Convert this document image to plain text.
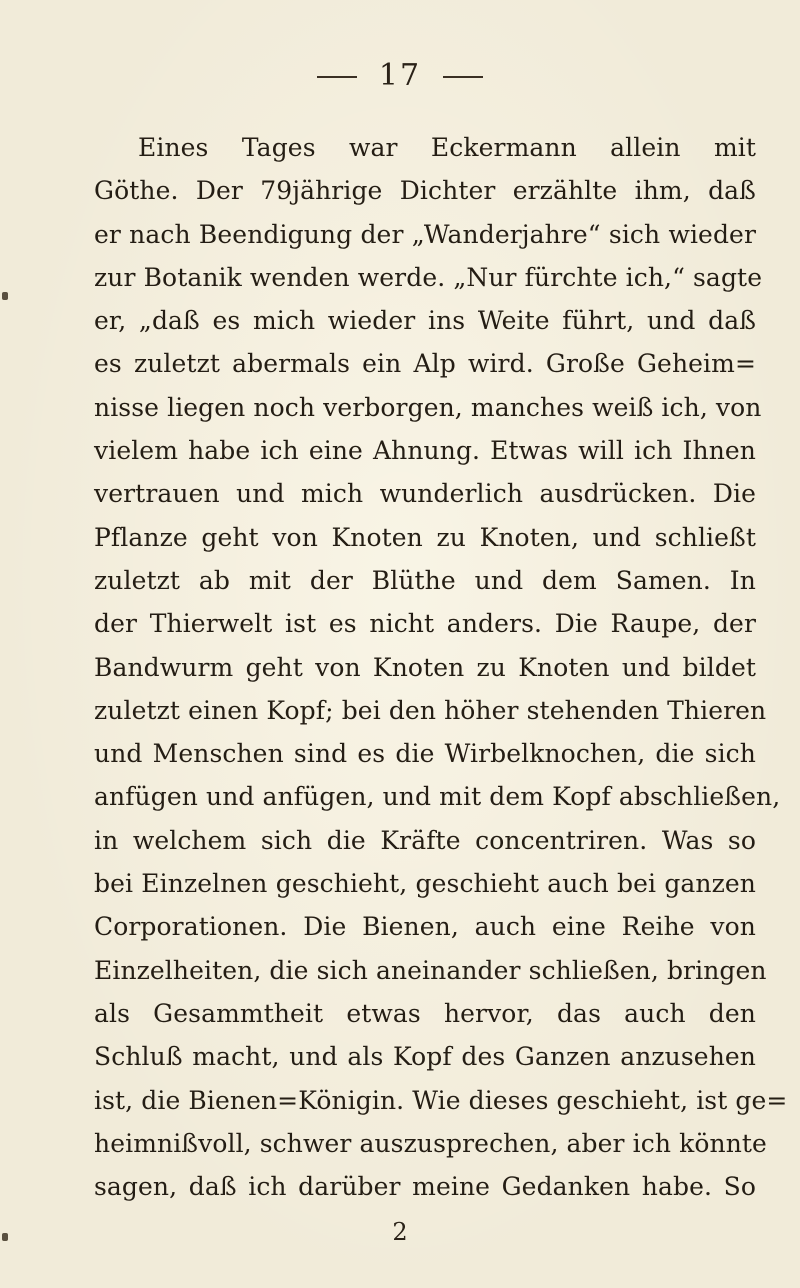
17
Eines Tages war Eckermann allein mit
Göthe. Der 79jährige Dichter erzählte ihm, daß
er nach Beendigung der „Wanderjahre“ sich wieder
zur Botanik wenden werde. „Nur fürchte ich,“ sagte
er, „daß es mich wieder ins Weite führt, und daß
es zuletzt abermals ein Alp wird. Große Geheim=
nisse liegen noch verborgen, manches weiß ich, von
vielem habe ich eine Ahnung. Etwas will ich Ihnen
vertrauen und mich wunderlich ausdrücken. Die
Pflanze geht von Knoten zu Knoten, und schließt
zuletzt ab mit der Blüthe und dem Samen. In
der Thierwelt ist es nicht anders. Die Raupe, der
Bandwurm geht von Knoten zu Knoten und bildet
zuletzt einen Kopf; bei den höher stehenden Thieren
und Menschen sind es die Wirbelknochen, die sich
anfügen und anfügen, und mit dem Kopf abschließen,
in welchem sich die Kräfte concentriren. Was so
bei Einzelnen geschieht, geschieht auch bei ganzen
Corporationen. Die Bienen, auch eine Reihe von
Einzelheiten, die sich aneinander schließen, bringen
als Gesammtheit etwas hervor, das auch den
Schluß macht, und als Kopf des Ganzen anzusehen
ist, die Bienen=Königin. Wie dieses geschieht, ist ge=
heimnißvoll, schwer auszusprechen, aber ich könnte
sagen, daß ich darüber meine Gedanken habe. So
2
